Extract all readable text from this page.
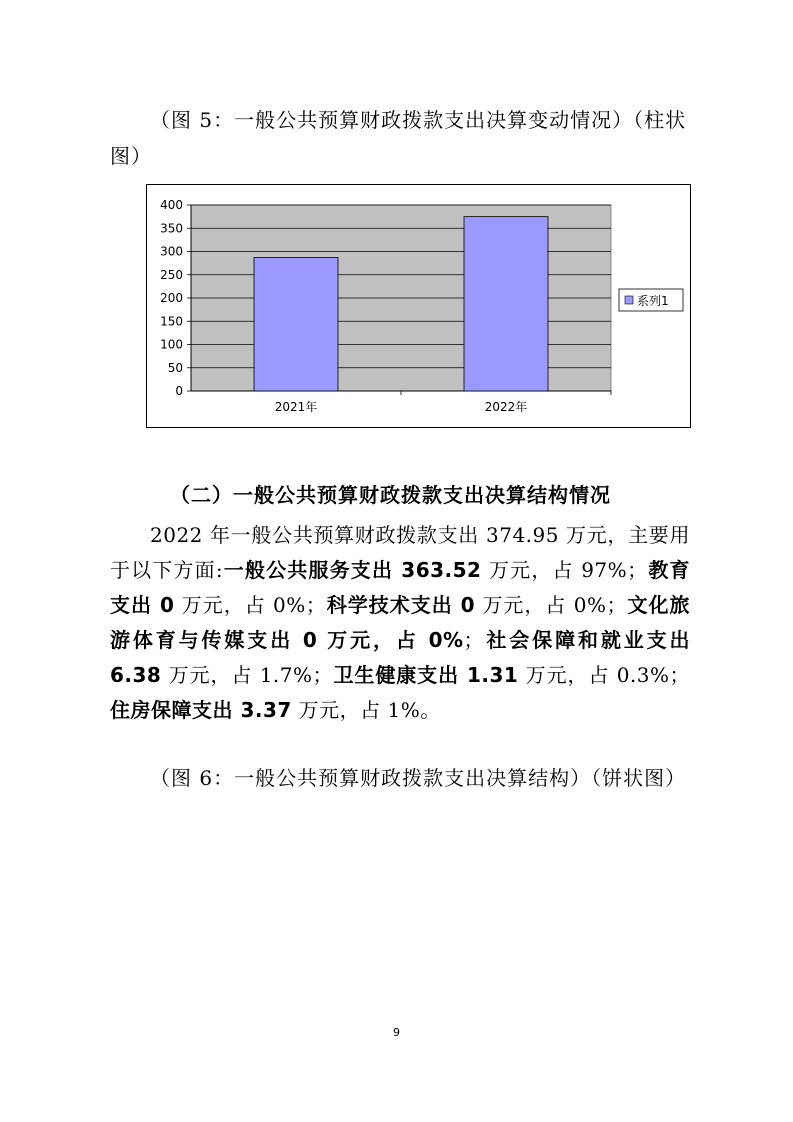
（图 5：一般公共预算财政拨款支出决算变动情况）（柱状图）
0
50
100
150
200
250
300
350
400
2021年	2022年
系列1
（二）一般公共预算财政拨款支出决算结构情况
2022 年一般公共预算财政拨款支出 374.95 万元，主要用于以下方面:一般公共服务支出 363.52 万元，占 97%；教育支出 0 万元，占 0%；科学技术支出 0 万元，占 0%；文化旅游体育与传媒支出 0 万元，占 0%；社会保障和就业支出 6.38 万元，占 1.7%；卫生健康支出 1.31 万元，占 0.3%；住房保障支出 3.37 万元，占 1%。
（图 6：一般公共预算财政拨款支出决算结构）（饼状图）
9
